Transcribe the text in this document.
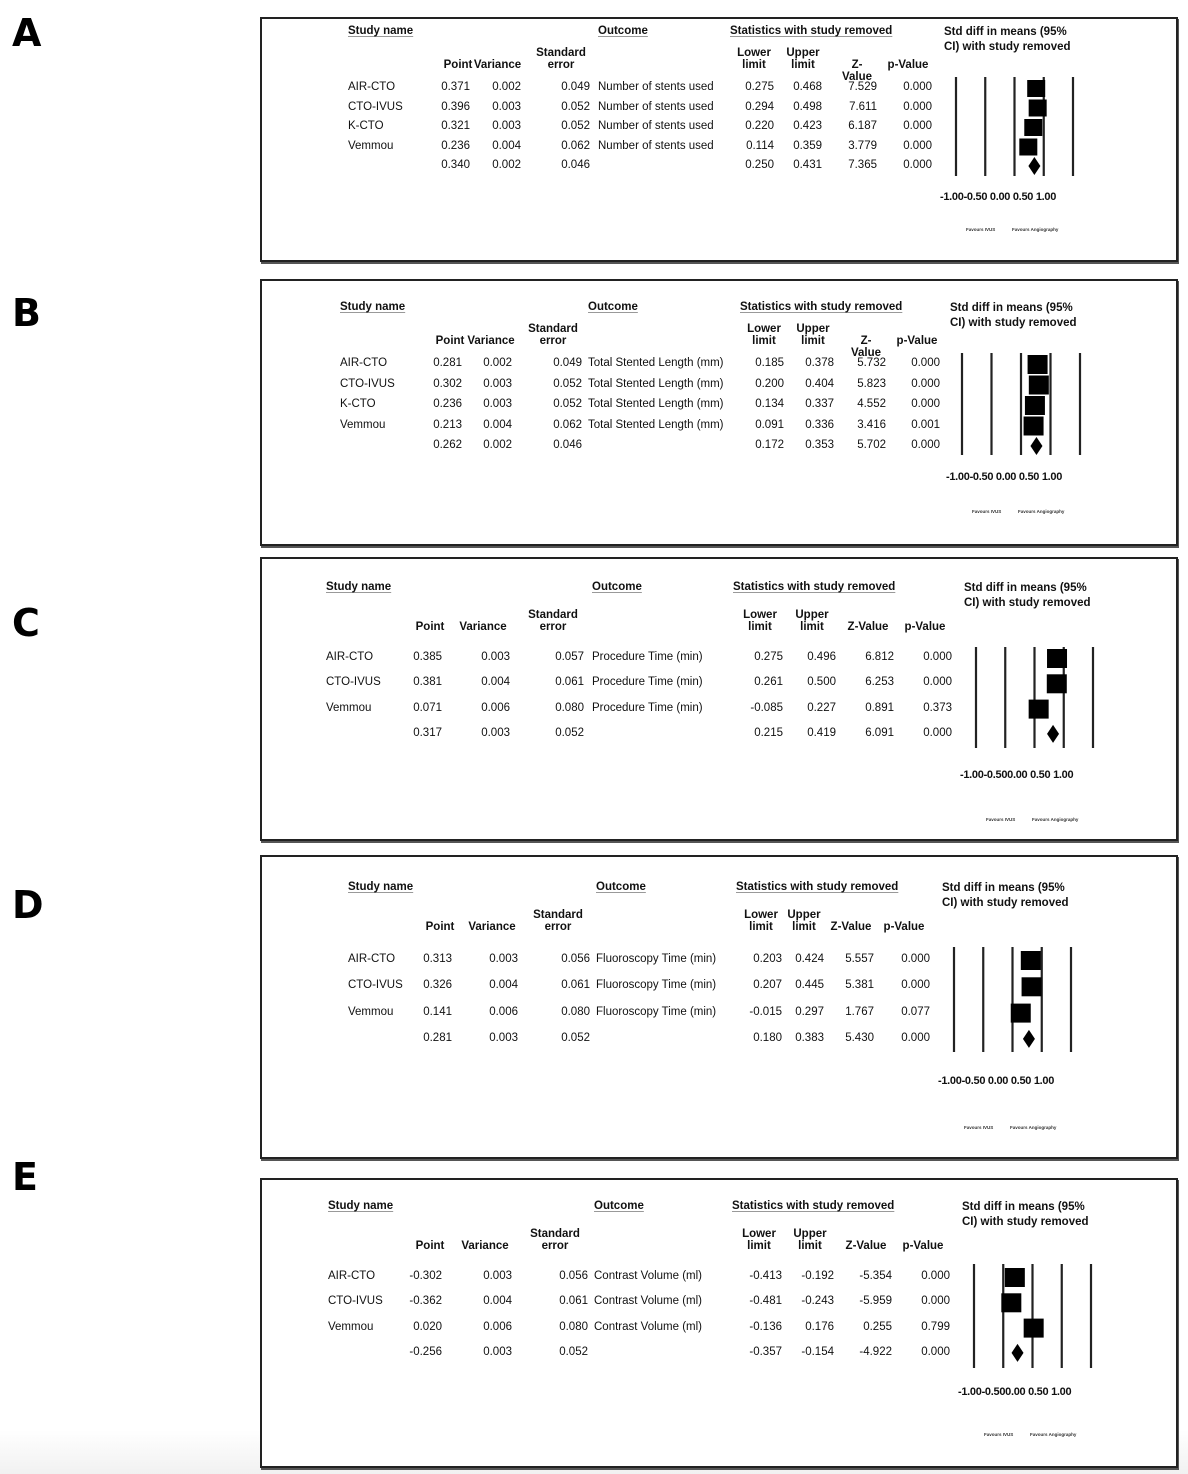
A
B
C
D
E
Study name	Outcome	Statistics with study removed
Point Variance
Standard
error
Lower
limit
Upper
limit	Z-Value
p-Value
AIR-CTO	0.371	0.002	0.049 Number of stents used	0.275	0.468	7.529	0.000
CTO-IVUS	0.396	0.003	0.052 Number of stents used	0.294	0.498	7.611	0.000
K-CTO	0.321	0.003	0.052 Number of stents used	0.220	0.423	6.187	0.000
Vemmou	0.236	0.004	0.062 Number of stents used	0.114	0.359	3.779	0.000
0.340	0.002	0.046	0.250	0.431	7.365	0.000
Std diff in means (95%
CI) with study removed
-1.00-0.50 0.00 0.50 1.00
Favours IVUS	Favours Angiography
Study name	Outcome	Statistics with study removed
Point Variance
Standard
error
Lower
limit
Upper
limit	Z-Value
p-Value
AIR-CTO	0.281	0.002	0.049 Total Stented Length (mm)	0.185	0.378	5.732	0.000
CTO-IVUS	0.302	0.003	0.052 Total Stented Length (mm)	0.200	0.404	5.823	0.000
K-CTO	0.236	0.003	0.052 Total Stented Length (mm)	0.134	0.337	4.552	0.000
Vemmou	0.213	0.004	0.062 Total Stented Length (mm)	0.091	0.336	3.416	0.001
0.262	0.002	0.046	0.172	0.353	5.702	0.000
Std diff in means (95%
CI) with study removed
-1.00-0.50 0.00 0.50 1.00
Favours IVUS	Favours Angiography
Study name	Outcome	Statistics with study removed
Point	Variance
Standard
error
Lower
limit
Upper
limit	Z-Value	p-Value
AIR-CTO	0.385	0.003	0.057 Procedure Time (min)	0.275	0.496	6.812	0.000
CTO-IVUS	0.381	0.004	0.061 Procedure Time (min)	0.261	0.500	6.253	0.000
Vemmou	0.071	0.006	0.080 Procedure Time (min)	-0.085	0.227	0.891	0.373
0.317	0.003	0.052	0.215	0.419	6.091	0.000
Std diff in means (95%
CI) with study removed
-1.00-0.500.00 0.50 1.00
Favours IVUS	Favours Angiography
Study name	Outcome	Statistics with study removed
Point	Variance
Standard
error
Lower
limit
Upper
limit	Z-Value	p-Value
AIR-CTO 0.313	0.003	0.056 Fluoroscopy Time (min)	0.203	0.424	5.557	0.000
CTO-IVUS 0.326	0.004	0.061 Fluoroscopy Time (min)	0.207	0.445	5.381	0.000
Vemmou	0.141	0.006	0.080 Fluoroscopy Time (min)	-0.015	0.297	1.767	0.077
0.281	0.003	0.052	0.180	0.383	5.430	0.000
Std diff in means (95%
CI) with study removed
-1.00-0.50 0.00 0.50 1.00
Favours IVUS	Favours Angiography
Study name	Outcome	Statistics with study removed
Point	Variance
Standard
error
Lower
limit
Upper
limit	Z-Value	p-Value
AIR-CTO	-0.302	0.003	0.056 Contrast Volume (ml)	-0.413	-0.192	-5.354	0.000
CTO-IVUS -0.362	0.004	0.061 Contrast Volume (ml)	-0.481	-0.243	-5.959	0.000
Vemmou	0.020	0.006	0.080 Contrast Volume (ml)	-0.136	0.176	0.255	0.799
-0.256	0.003	0.052	-0.357	-0.154	-4.922	0.000
Std diff in means (95%
CI) with study removed
-1.00-0.500.00 0.50 1.00
Favours IVUS	Favours Angiography
